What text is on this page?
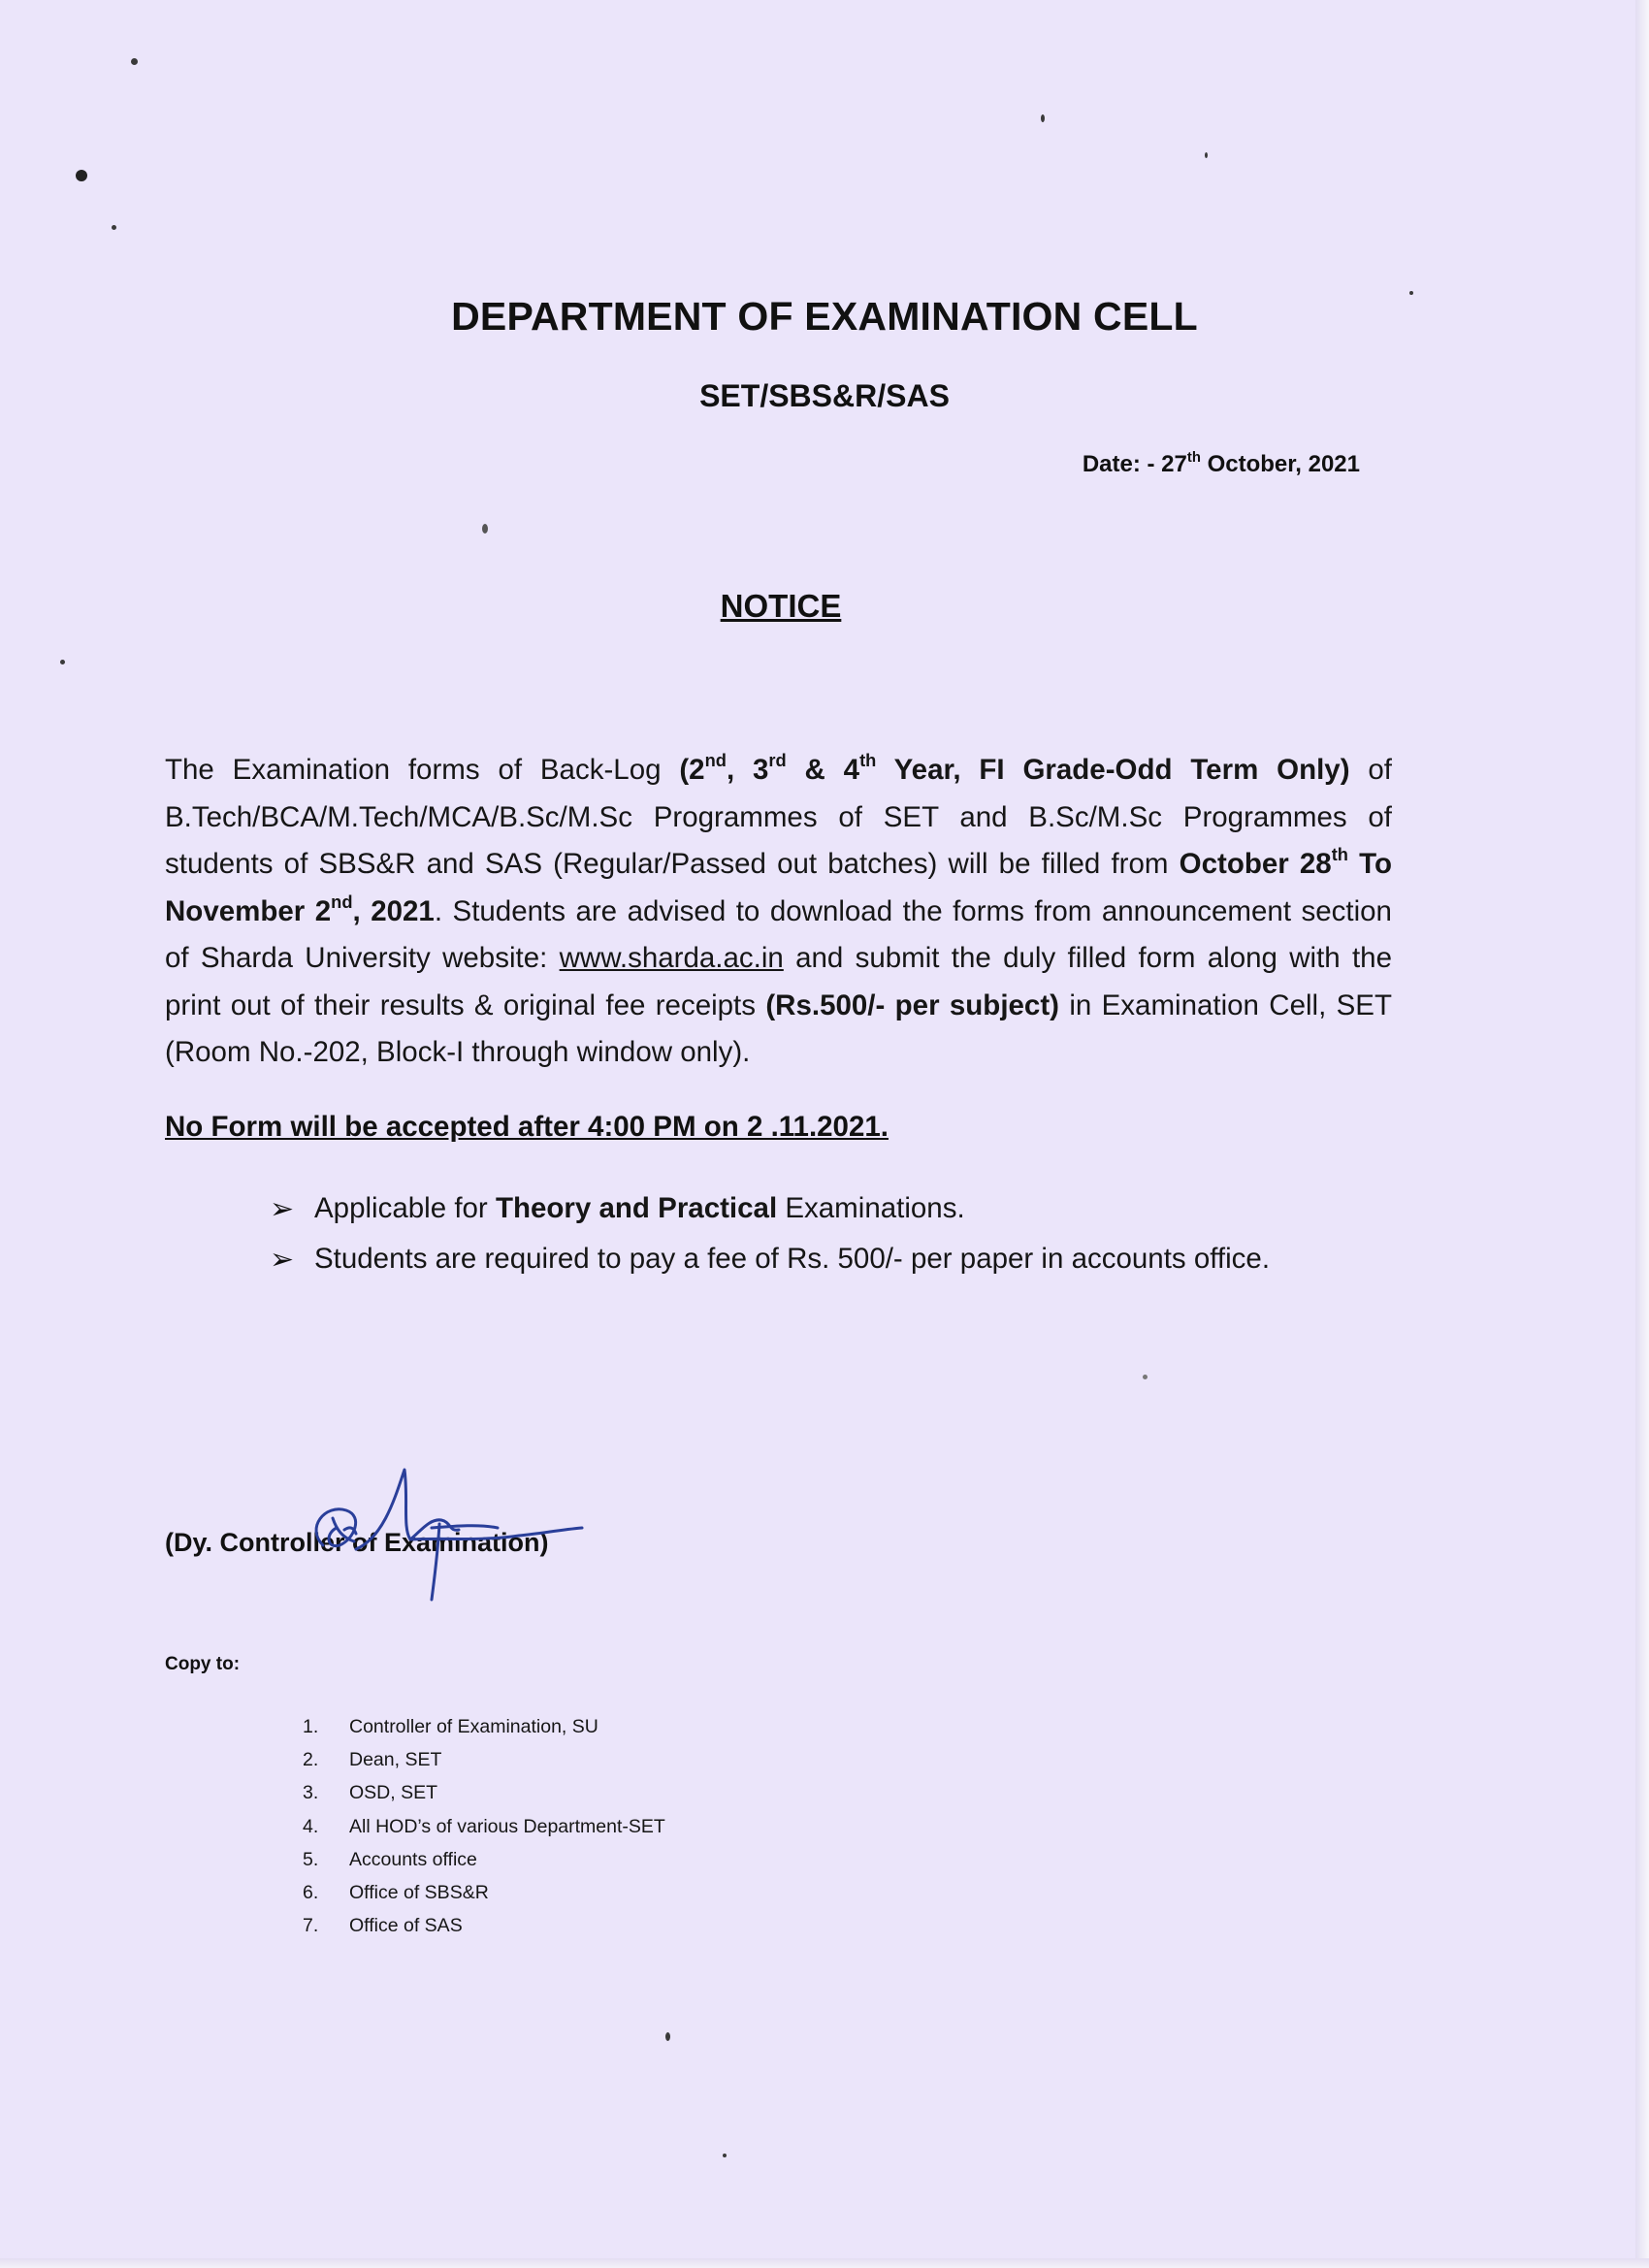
DEPARTMENT OF EXAMINATION CELL
SET/SBS&R/SAS
Date: - 27th October, 2021
NOTICE
The Examination forms of Back-Log (2nd, 3rd & 4th Year, FI Grade-Odd Term Only) of B.Tech/BCA/M.Tech/MCA/B.Sc/M.Sc Programmes of SET and B.Sc/M.Sc Programmes of students of SBS&R and SAS (Regular/Passed out batches) will be filled from October 28th To November 2nd, 2021. Students are advised to download the forms from announcement section of Sharda University website: www.sharda.ac.in and submit the duly filled form along with the print out of their results & original fee receipts (Rs.500/- per subject) in Examination Cell, SET (Room No.-202, Block-I through window only).
No Form will be accepted after 4:00 PM on 2 .11.2021.
➢ Applicable for Theory and Practical Examinations.
➢ Students are required to pay a fee of Rs. 500/- per paper in accounts office.
(Dy. Controller of Examination)
Copy to:
1.	Controller of Examination, SU
2.	Dean, SET
3.	OSD, SET
4.	All HOD’s of various Department-SET
5.	Accounts office
6.	Office of SBS&R
7.	Office of SAS
